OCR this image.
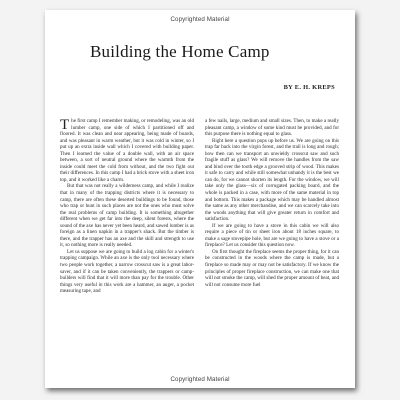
Copyrighted Material
Building the Home Camp
BY E. H. KREPS

The first camp I remember making, or remodeling, was an old lumber camp, one side of which I partitioned off and floored. It was clean and near appearing, being made of boards, and was pleasant in warm weather, but it was cold in winter, so I put up an extra inside wall which I covered with building paper. Then I learned the value of a double wall, with an air space between, a sort of neutral ground where the warmth from the inside could meet the cold from without, and the two fight out their differences. In this camp I had a brick stove with a sheet iron top, and it worked like a charm.

But that was not really a wilderness camp, and while I realize that in many of the trapping districts where it is necessary to camp, there are often these deserted buildings to be found, those who trap or hunt in such places are not the ones who must solve the real problems of camp building. It is something altogether different when we get far into the deep, silent forests, where the sound of the axe has never yet been heard, and sawed lumber is as foreign as a linen napkin in a trapper's shack. But the timber is there, and the trapper has an axe and the skill and strength to use it, so nothing more is really needed.

Let us suppose we are going to build a log cabin for a winter's trapping campaign. While an axe is the only tool necessary where two people work together, a narrow crosscut saw is a great labor-saver, and if it can be taken conveniently, the trappers or camp-builders will find that it will more than pay for the trouble. Other things very useful in this work are a hammer, an auger, a pocket measuring tape, and

a few nails, large, medium and small sizes. Then, to make a really pleasant camp, a window of some kind must be provided, and for this purpose there is nothing equal to glass.

Right here a question pops up before us. We are going on this trap far back into the virgin forest, and the trail is long and rough; how then can we transport an unwieldy crosscut saw and such fragile stuff as glass? We will remove the handles from the saw and bind over the tooth edge a grooved strip of wood. This makes it safe to carry and while still somewhat unhandy it is the best we can do, for we cannot shorten its length. For the window, we will take only the glass—six of corrugated packing board, and the whole is packed in a case, with more of the same material in top and bottom. This makes a package which may be handled almost the same as any other merchandise, and we can scarcely take into the woods anything that will give greater return in comfort and satisfaction.

If we are going to have a stove in this cabin we will also require a piece of tin or sheet iron about 18 inches square, to make a sage stovepipe hole, but are we going to have a stove or a fireplace? Let us consider this question now.

On first thought the fireplace seems the proper thing, for it can be constructed in the woods where the camp is made, but a fireplace so made may or may not be satisfactory. If we know the principles of proper fireplace construction, we can make one that will not smoke the camp, will shed the proper amount of heat, and will not consume more fuel

Copyrighted Material
